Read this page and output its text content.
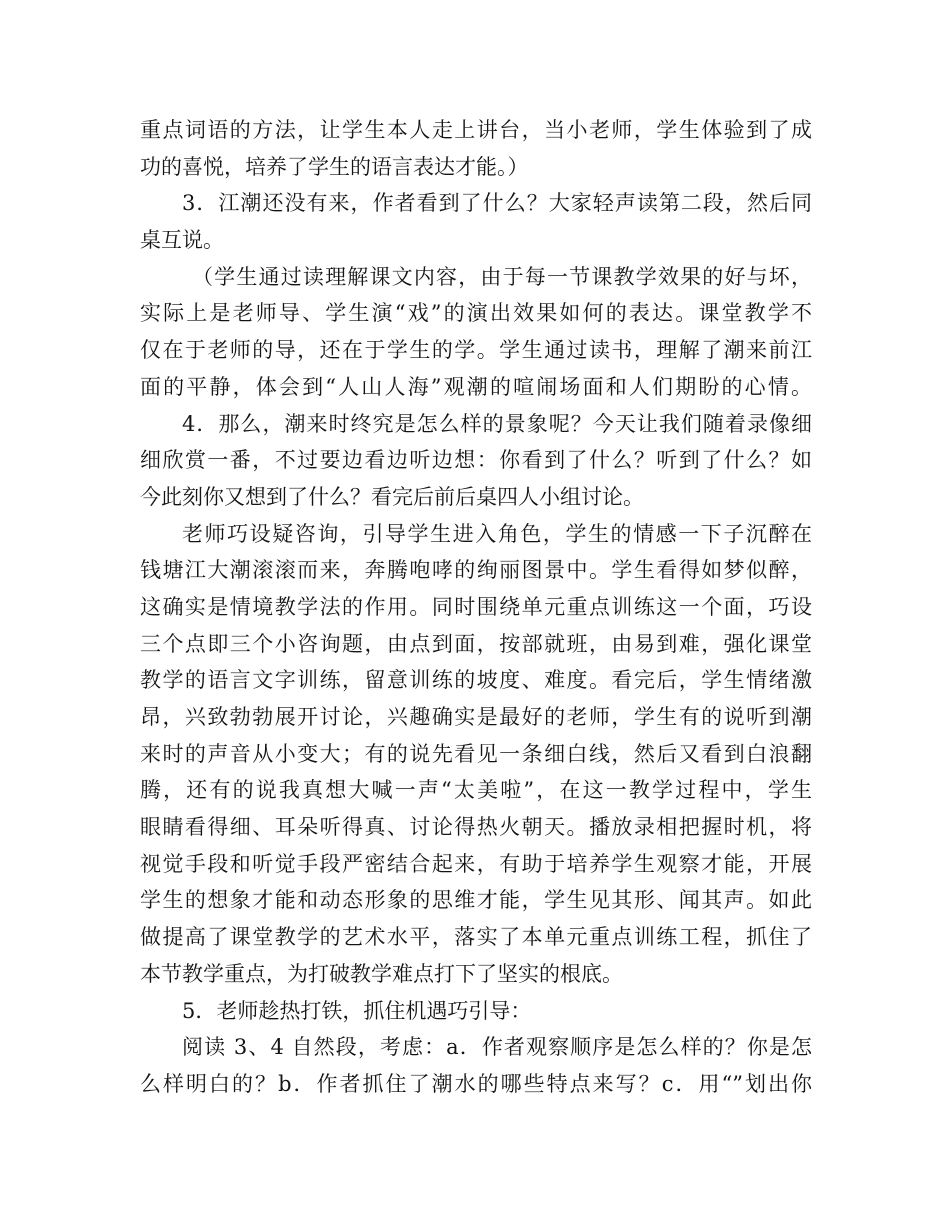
重点词语的方法，让学生本人走上讲台，当小老师，学生体验到了成
功的喜悦，培养了学生的语言表达才能。）
3．江潮还没有来，作者看到了什么？大家轻声读第二段，然后同
桌互说。
（学生通过读理解课文内容，由于每一节课教学效果的好与坏，
实际上是老师导、学生演“戏”的演出效果如何的表达。课堂教学不
仅在于老师的导，还在于学生的学。学生通过读书，理解了潮来前江
面的平静，体会到“人山人海”观潮的喧闹场面和人们期盼的心情。
4．那么，潮来时终究是怎么样的景象呢？今天让我们随着录像细
细欣赏一番，不过要边看边听边想：你看到了什么？听到了什么？如
今此刻你又想到了什么？看完后前后桌四人小组讨论。
老师巧设疑咨询，引导学生进入角色，学生的情感一下子沉醉在
钱塘江大潮滚滚而来，奔腾咆哮的绚丽图景中。学生看得如梦似醉，
这确实是情境教学法的作用。同时围绕单元重点训练这一个面，巧设
三个点即三个小咨询题，由点到面，按部就班，由易到难，强化课堂
教学的语言文字训练，留意训练的坡度、难度。看完后，学生情绪激
昂，兴致勃勃展开讨论，兴趣确实是最好的老师，学生有的说听到潮
来时的声音从小变大；有的说先看见一条细白线，然后又看到白浪翻
腾，还有的说我真想大喊一声“太美啦”，在这一教学过程中，学生
眼睛看得细、耳朵听得真、讨论得热火朝天。播放录相把握时机，将
视觉手段和听觉手段严密结合起来，有助于培养学生观察才能，开展
学生的想象才能和动态形象的思维才能，学生见其形、闻其声。如此
做提高了课堂教学的艺术水平，落实了本单元重点训练工程，抓住了
本节教学重点，为打破教学难点打下了坚实的根底。
5．老师趁热打铁，抓住机遇巧引导：
阅读 3、4 自然段，考虑：a．作者观察顺序是怎么样的？你是怎
么样明白的？b．作者抓住了潮水的哪些特点来写？c．用“”划出你
